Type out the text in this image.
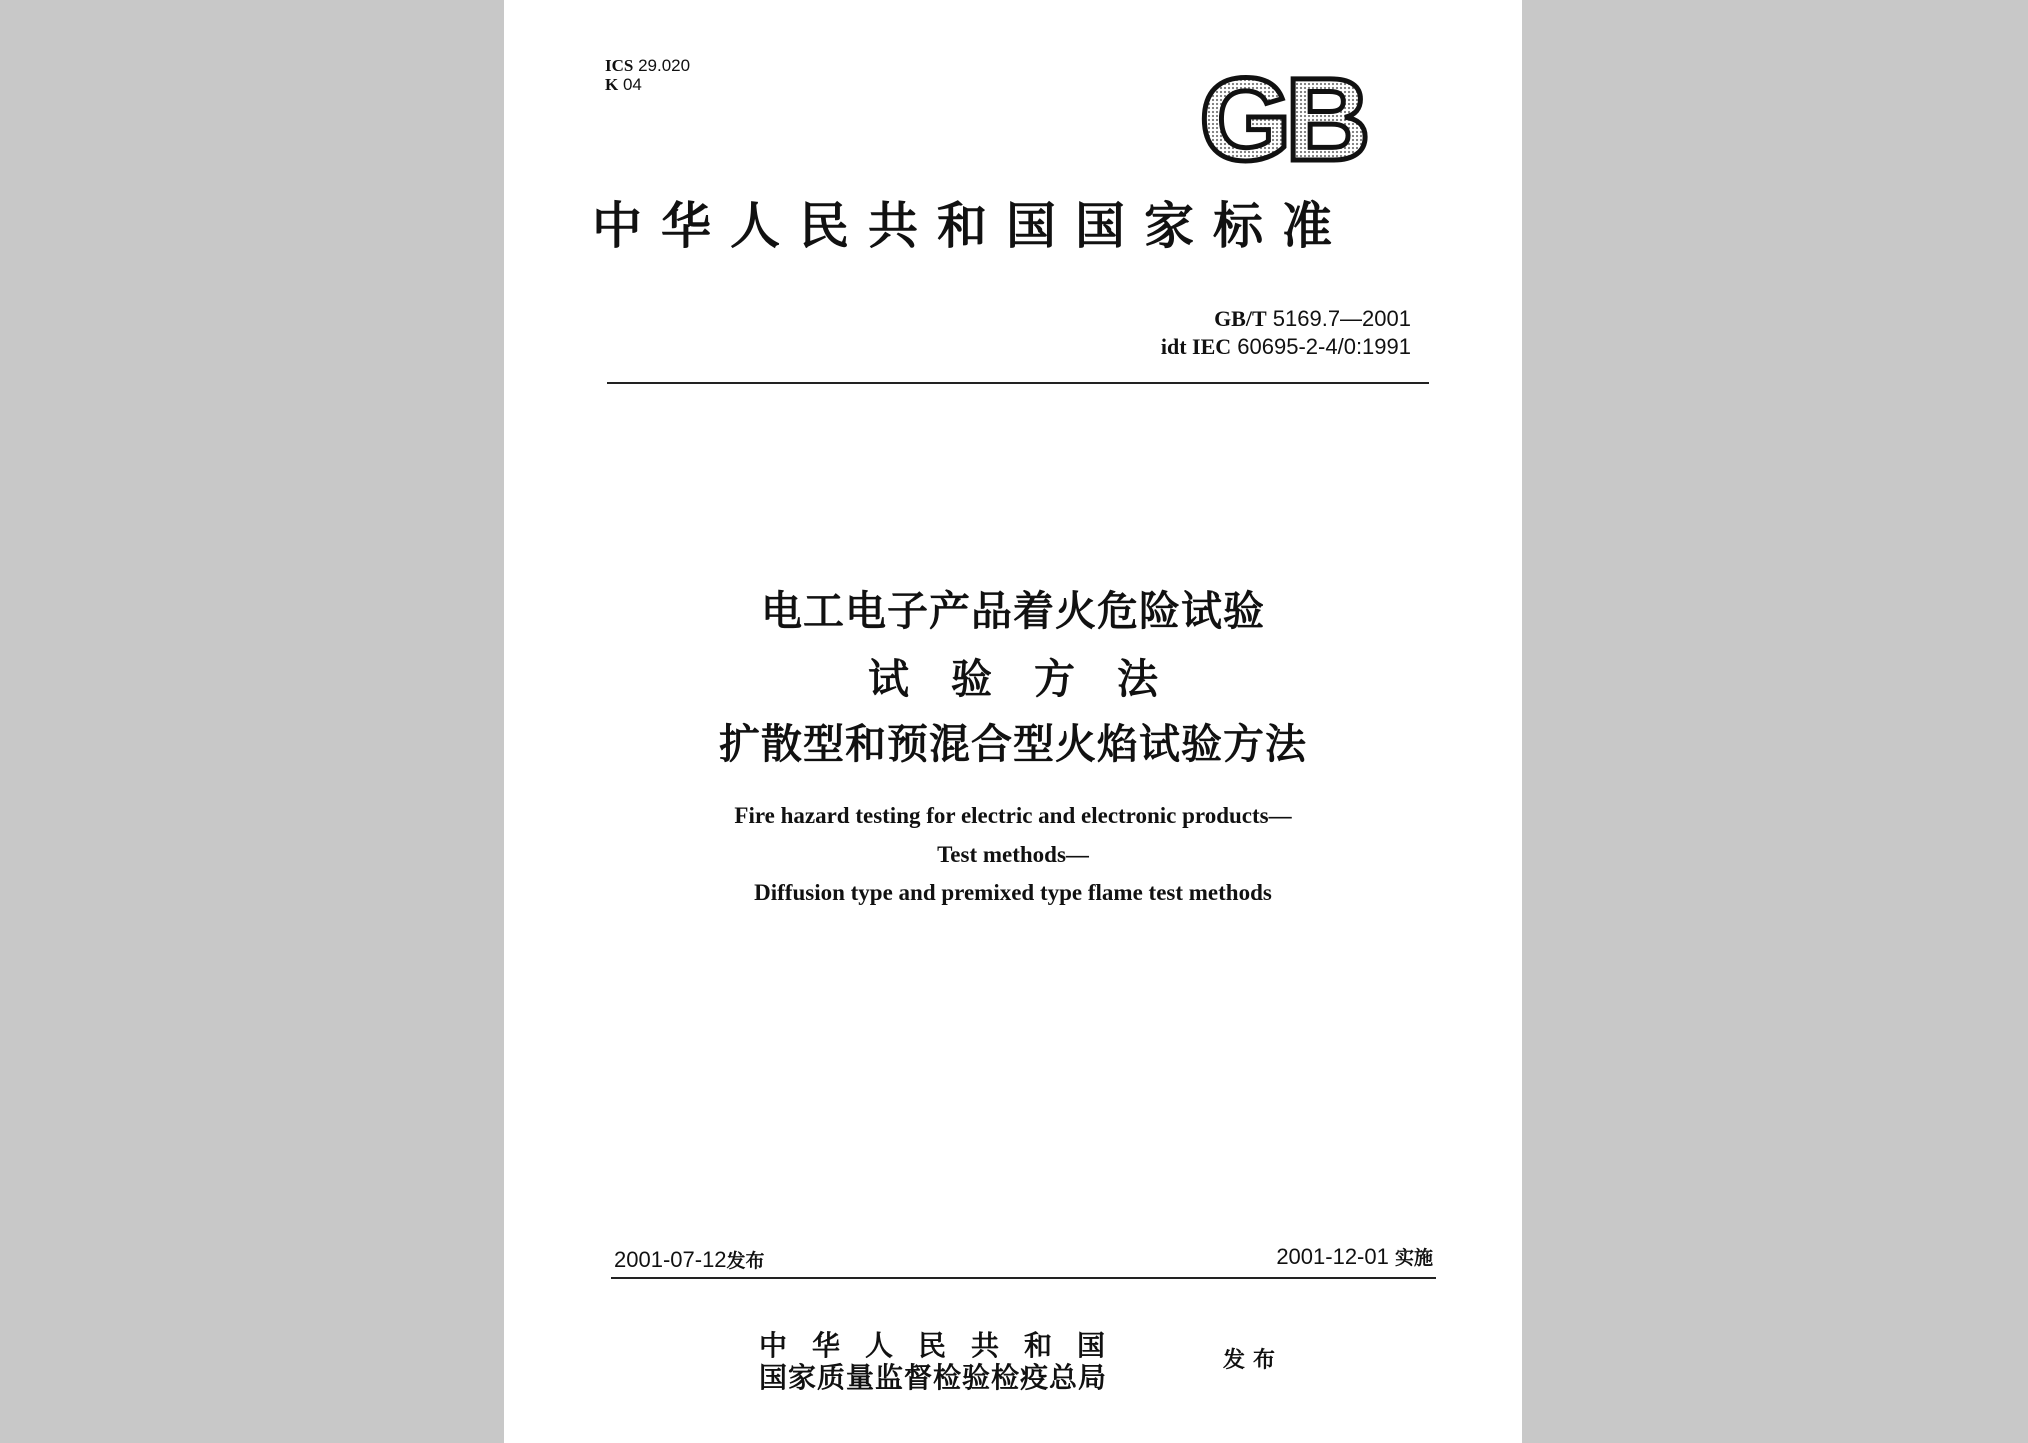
ICS 29.020
K 04	GB
中华人民共和国国家标准
GB/T 5169.7—2001
idt IEC 60695-2-4/0:1991
电工电子产品着火危险试验
试验方法
扩散型和预混合型火焰试验方法
Fire hazard testing for electric and electronic products—
Test methods—
Diffusion type and premixed type flame test methods
2001-07-12发布	2001-12-01 实施
中华人民共和国
国家质量监督检验检疫总局
发布
